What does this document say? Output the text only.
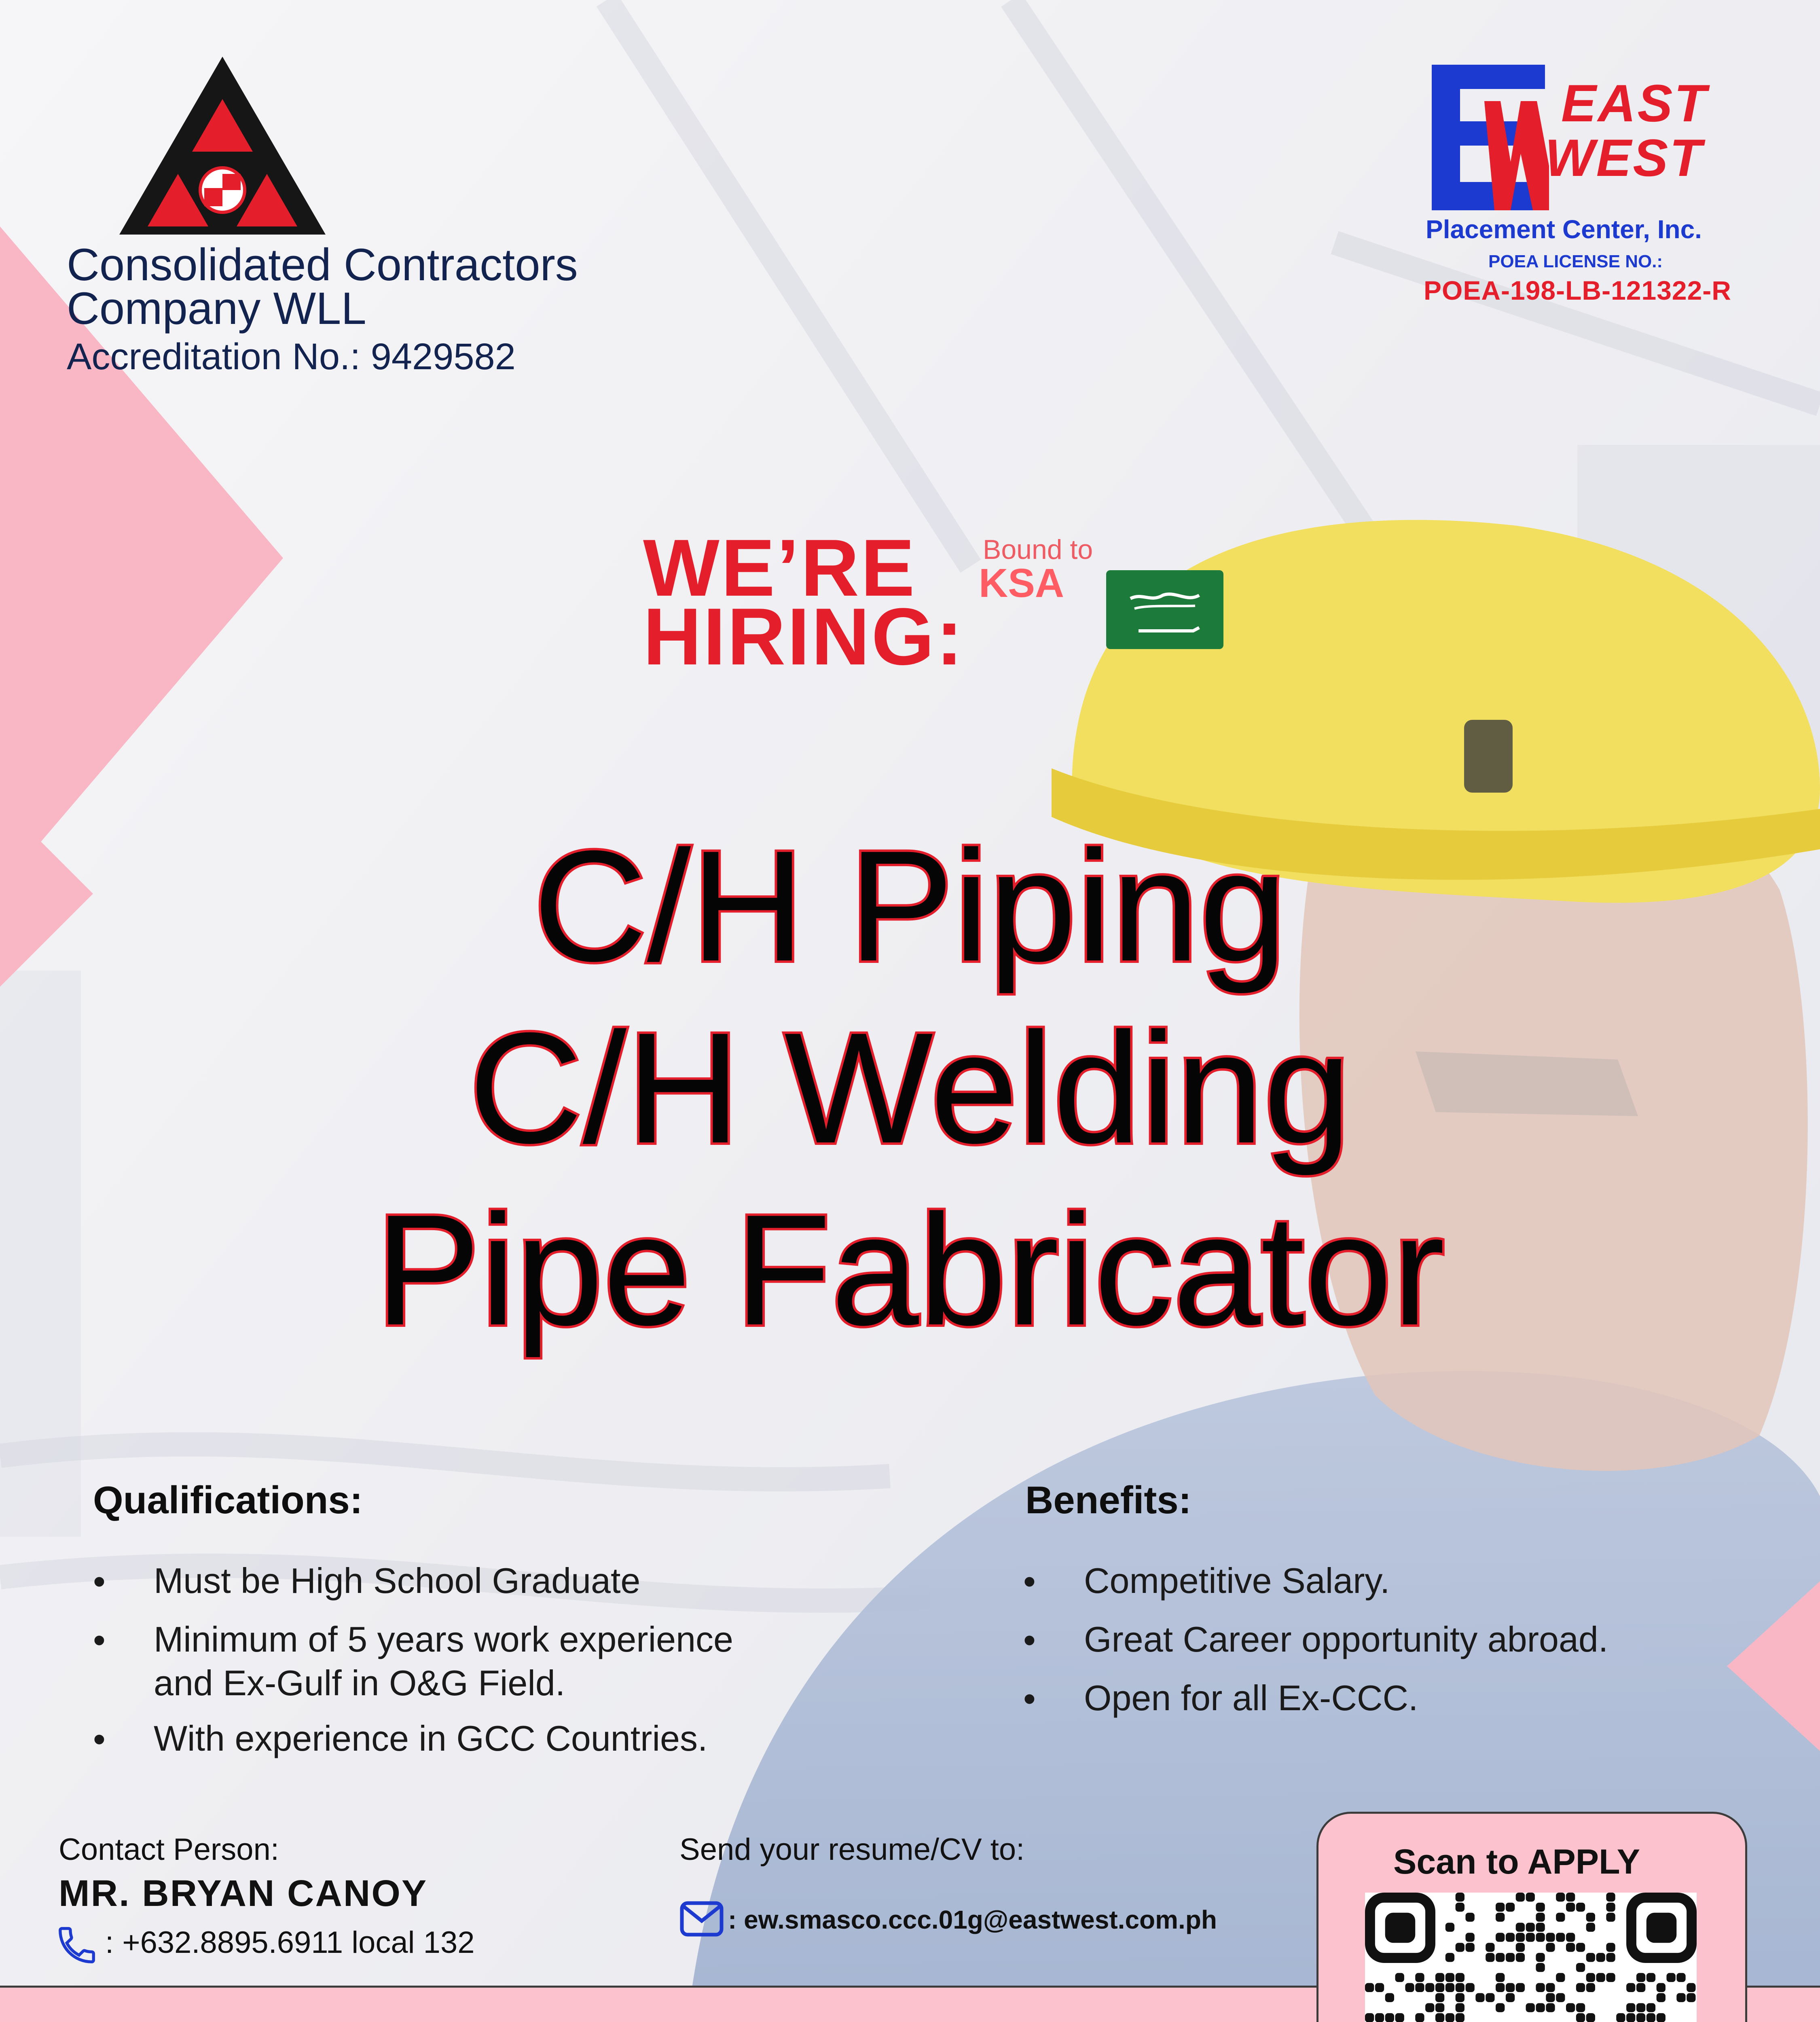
Consolidated Contractors
Company WLL
Accreditation No.: 9429582
EAST
WEST
Placement Center, Inc.
POEA LICENSE NO.:
POEA-198-LB-121322-R
WE’RE
HIRING:
Bound to
KSA
C/H Piping
C/H Welding
Pipe Fabricator
Qualifications:
• Must be High School Graduate
• Minimum of 5 years work experience
and Ex-Gulf in O&G Field.
• With experience in GCC Countries.
Benefits:
• Competitive Salary.
• Great Career opportunity abroad.
• Open for all Ex-CCC.
Contact Person:
MR. BRYAN CANOY
: +632.8895.6911 local 132
Send your resume/CV to:
: ew.smasco.ccc.01g@eastwest.com.ph
Scan to APPLY
